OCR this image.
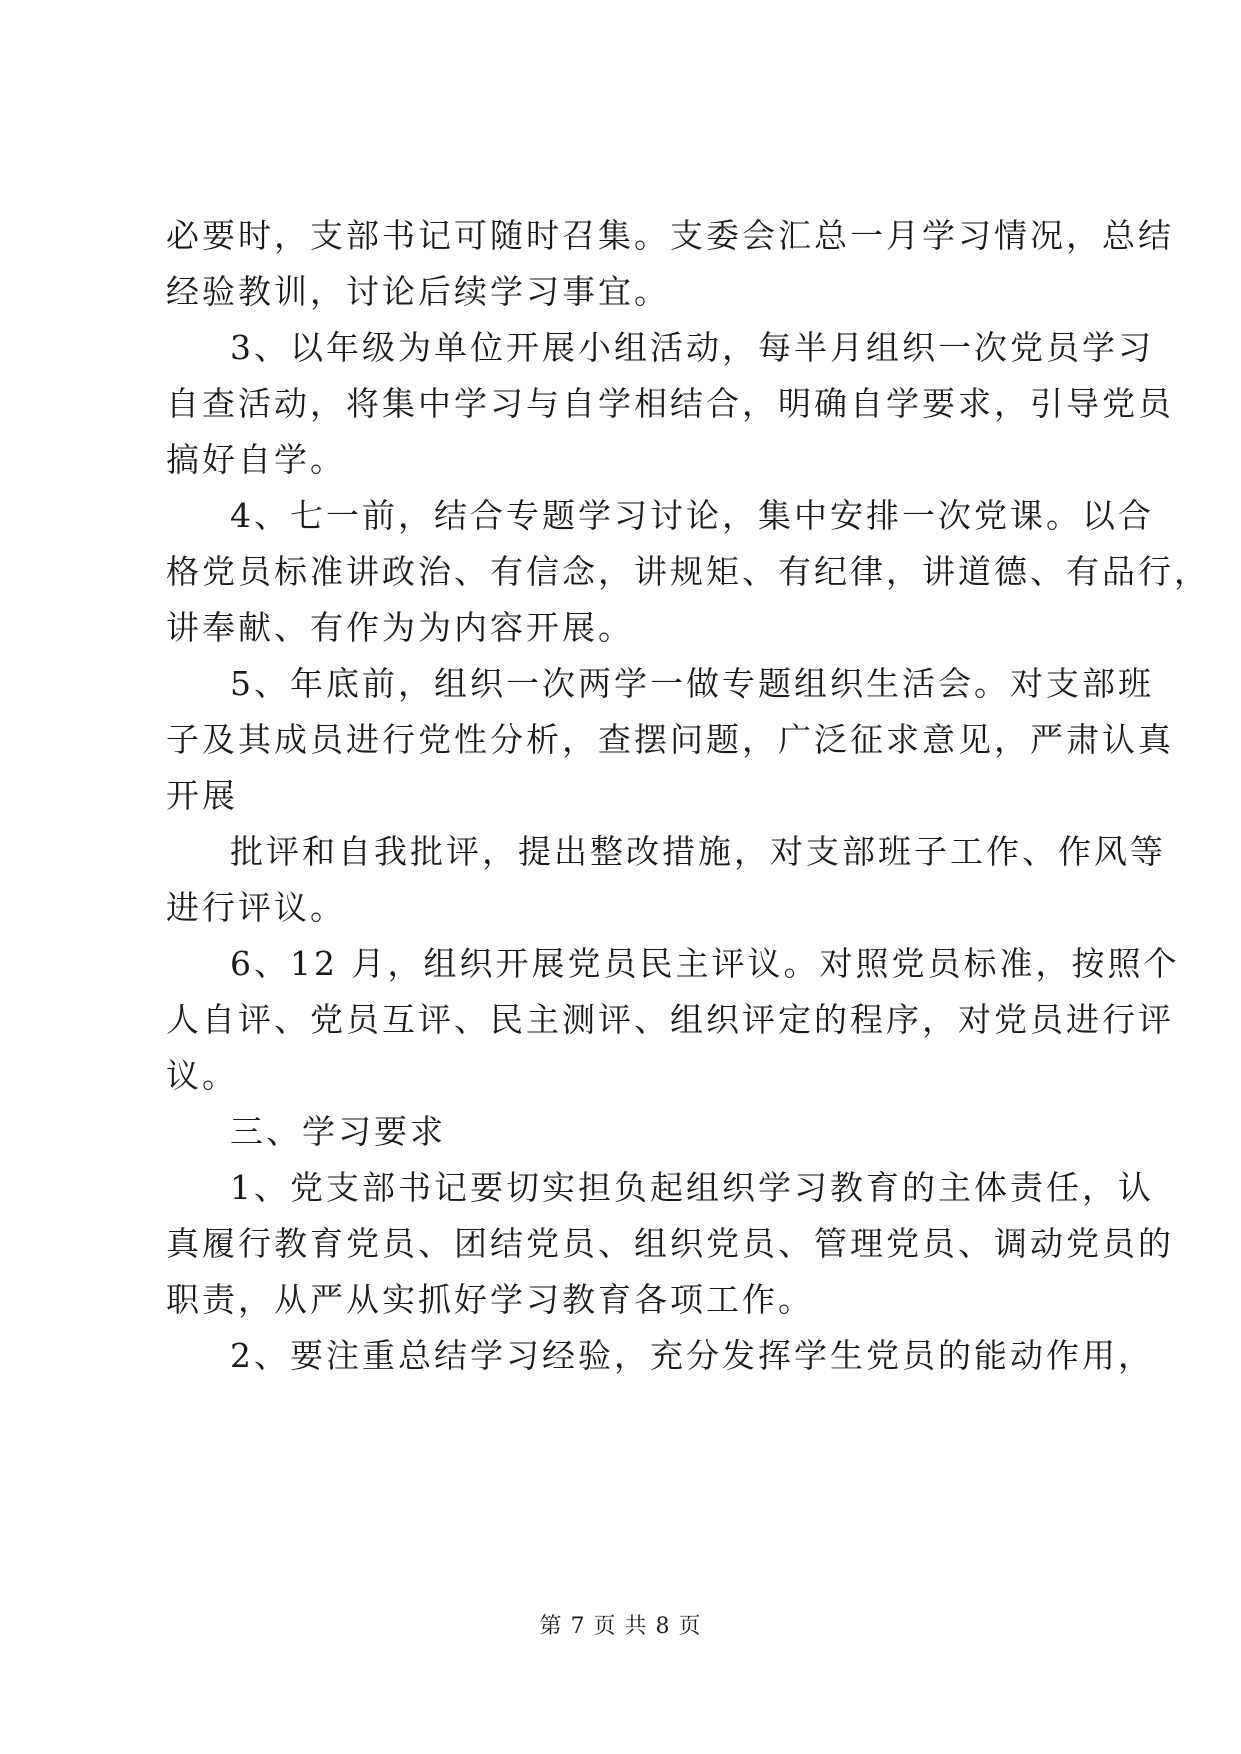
必要时，支部书记可随时召集。支委会汇总一月学习情况，总结
经验教训，讨论后续学习事宜。
3、以年级为单位开展小组活动，每半月组织一次党员学习
自查活动，将集中学习与自学相结合，明确自学要求，引导党员
搞好自学。
4、七一前，结合专题学习讨论，集中安排一次党课。以合
格党员标准讲政治、有信念，讲规矩、有纪律，讲道德、有品行，
讲奉献、有作为为内容开展。
5、年底前，组织一次两学一做专题组织生活会。对支部班
子及其成员进行党性分析，查摆问题，广泛征求意见，严肃认真
开展
批评和自我批评，提出整改措施，对支部班子工作、作风等
进行评议。
6、12 月，组织开展党员民主评议。对照党员标准，按照个
人自评、党员互评、民主测评、组织评定的程序，对党员进行评
议。
三、学习要求
1、党支部书记要切实担负起组织学习教育的主体责任，认
真履行教育党员、团结党员、组织党员、管理党员、调动党员的
职责，从严从实抓好学习教育各项工作。
2、要注重总结学习经验，充分发挥学生党员的能动作用，
第 7 页 共 8 页
